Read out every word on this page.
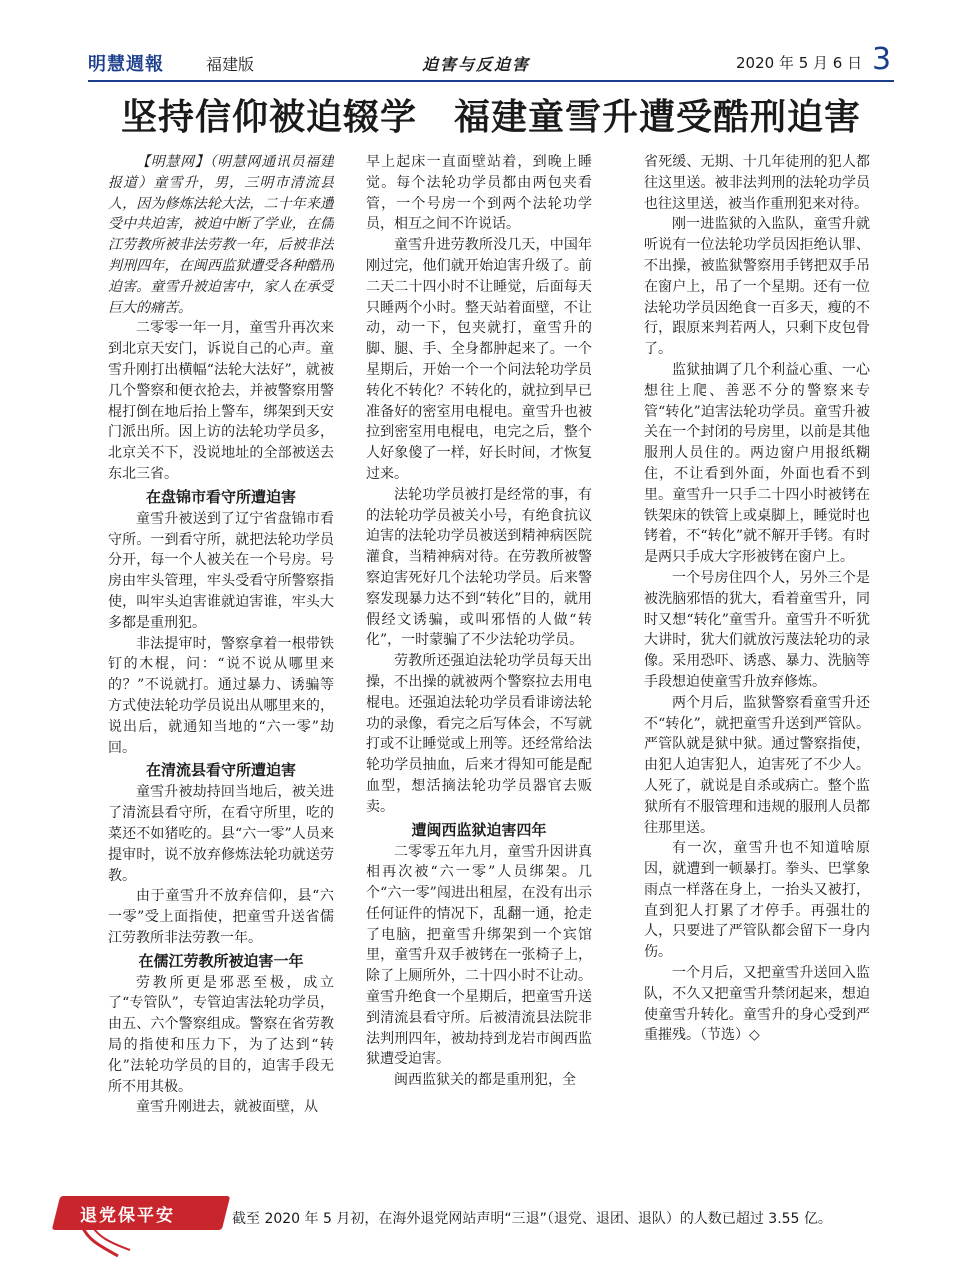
明慧週報	福建版	迫害与反迫害	2020 年 5 月 6 日 3
坚持信仰被迫辍学　福建童雪升遭受酷刑迫害

【明慧网】（明慧网通讯员福建报道）童雪升，男，三明市清流县人，因为修炼法轮大法，二十年来遭受中共迫害，被迫中断了学业，在儒江劳教所被非法劳教一年，后被非法判刑四年，在闽西监狱遭受各种酷刑迫害。童雪升被迫害中，家人在承受巨大的痛苦。

二零零一年一月，童雪升再次来到北京天安门，诉说自己的心声。童雪升刚打出横幅“法轮大法好”，就被几个警察和便衣抢去，并被警察用警棍打倒在地后抬上警车，绑架到天安门派出所。因上访的法轮功学员多，北京关不下，没说地址的全部被送去东北三省。

在盘锦市看守所遭迫害

童雪升被送到了辽宁省盘锦市看守所。一到看守所，就把法轮功学员分开，每一个人被关在一个号房。号房由牢头管理，牢头受看守所警察指使，叫牢头迫害谁就迫害谁，牢头大多都是重刑犯。

非法提审时，警察拿着一根带铁钉的木棍，问：“说不说从哪里来的？”不说就打。通过暴力、诱骗等方式使法轮功学员说出从哪里来的，说出后，就通知当地的“六一零”劫回。

在清流县看守所遭迫害

童雪升被劫持回当地后，被关进了清流县看守所，在看守所里，吃的菜还不如猪吃的。县“六一零”人员来提审时，说不放弃修炼法轮功就送劳教。

由于童雪升不放弃信仰，县“六一零”受上面指使，把童雪升送省儒江劳教所非法劳教一年。

在儒江劳教所被迫害一年

劳教所更是邪恶至极，成立了“专管队”，专管迫害法轮功学员，由五、六个警察组成。警察在省劳教局的指使和压力下，为了达到“转化”法轮功学员的目的，迫害手段无所不用其极。

童雪升刚进去，就被面壁，从

早上起床一直面壁站着，到晚上睡觉。每个法轮功学员都由两包夹看管，一个号房一个到两个法轮功学员，相互之间不许说话。

童雪升进劳教所没几天，中国年刚过完，他们就开始迫害升级了。前二天二十四小时不让睡觉，后面每天只睡两个小时。整天站着面壁，不让动，动一下，包夹就打，童雪升的脚、腿、手、全身都肿起来了。一个星期后，开始一个一个问法轮功学员转化不转化？不转化的，就拉到早已准备好的密室用电棍电。童雪升也被拉到密室用电棍电，电完之后，整个人好象傻了一样，好长时间，才恢复过来。

法轮功学员被打是经常的事，有的法轮功学员被关小号，有绝食抗议迫害的法轮功学员被送到精神病医院灌食，当精神病对待。在劳教所被警察迫害死好几个法轮功学员。后来警察发现暴力达不到“转化”目的，就用假经文诱骗，或叫邪悟的人做“转化”，一时蒙骗了不少法轮功学员。

劳教所还强迫法轮功学员每天出操，不出操的就被两个警察拉去用电棍电。还强迫法轮功学员看诽谤法轮功的录像，看完之后写体会，不写就打或不让睡觉或上刑等。还经常给法轮功学员抽血，后来才得知可能是配血型，想活摘法轮功学员器官去贩卖。

遭闽西监狱迫害四年

二零零五年九月，童雪升因讲真相再次被“六一零”人员绑架。几个“六一零”闯进出租屋，在没有出示任何证件的情况下，乱翻一通，抢走了电脑，把童雪升绑架到一个宾馆里，童雪升双手被铐在一张椅子上，除了上厕所外，二十四小时不让动。童雪升绝食一个星期后，把童雪升送到清流县看守所。后被清流县法院非法判刑四年，被劫持到龙岩市闽西监狱遭受迫害。

闽西监狱关的都是重刑犯，全

省死缓、无期、十几年徒刑的犯人都往这里送。被非法判刑的法轮功学员也往这里送，被当作重刑犯来对待。

刚一进监狱的入监队，童雪升就听说有一位法轮功学员因拒绝认罪、不出操，被监狱警察用手铐把双手吊在窗户上，吊了一个星期。还有一位法轮功学员因绝食一百多天，瘦的不行，跟原来判若两人，只剩下皮包骨了。

监狱抽调了几个利益心重、一心想往上爬、善恶不分的警察来专管“转化”迫害法轮功学员。童雪升被关在一个封闭的号房里，以前是其他服刑人员住的。两边窗户用报纸糊住，不让看到外面，外面也看不到里。童雪升一只手二十四小时被铐在铁架床的铁管上或桌脚上，睡觉时也铐着，不“转化”就不解开手铐。有时是两只手成大字形被铐在窗户上。

一个号房住四个人，另外三个是被洗脑邪悟的犹大，看着童雪升，同时又想“转化”童雪升。童雪升不听犹大讲时，犹大们就放污蔑法轮功的录像。采用恐吓、诱惑、暴力、洗脑等手段想迫使童雪升放弃修炼。

两个月后，监狱警察看童雪升还不“转化”，就把童雪升送到严管队。严管队就是狱中狱。通过警察指使，由犯人迫害犯人，迫害死了不少人。人死了，就说是自杀或病亡。整个监狱所有不服管理和违规的服刑人员都往那里送。

有一次，童雪升也不知道啥原因，就遭到一顿暴打。拳头、巴掌象雨点一样落在身上，一抬头又被打，直到犯人打累了才停手。再强壮的人，只要进了严管队都会留下一身内伤。

一个月后，又把童雪升送回入监队，不久又把童雪升禁闭起来，想迫使童雪升转化。童雪升的身心受到严重摧残。（节选）◇

退党保平安	截至 2020 年 5 月初，在海外退党网站声明“三退”（退党、退团、退队）的人数已超过 3.55 亿。
